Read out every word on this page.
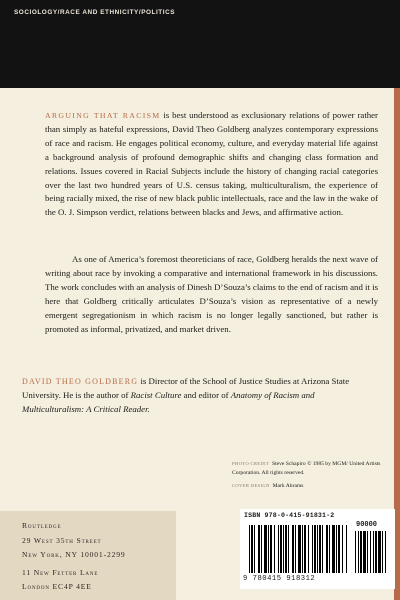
SOCIOLOGY/RACE AND ETHNICITY/POLITICS

ARGUING THAT RACISM is best understood as exclusionary relations of power rather than simply as hateful expressions, David Theo Goldberg analyzes contemporary expressions of race and racism. He engages political economy, culture, and everyday material life against a background analysis of profound demographic shifts and changing class formation and relations. Issues covered in Racial Subjects include the history of changing racial categories over the last two hundred years of U.S. census taking, multiculturalism, the experience of being racially mixed, the rise of new black public intellectuals, race and the law in the wake of the O. J. Simpson verdict, relations between blacks and Jews, and affirmative action.

As one of America’s foremost theoreticians of race, Goldberg heralds the next wave of writing about race by invoking a comparative and international framework in his discussions. The work concludes with an analysis of Dinesh D’Souza’s claims to the end of racism and it is here that Goldberg critically articulates D’Souza’s vision as representative of a newly emergent segregationism in which racism is no longer legally sanctioned, but rather is promoted as informal, privatized, and market driven.

DAVID THEO GOLDBERG is Director of the School of Justice Studies at Arizona State University. He is the author of Racist Culture and editor of Anatomy of Racism and Multiculturalism: A Critical Reader.

PHOTO CREDIT Steve Schapiro © 1985 by MGM/ United Artists Corporation. All rights reserved.

COVER DESIGN Mark Abrams

Routledge
29 West 35th Street
New York, NY 10001-2299
11 New Fetter Lane
London EC4P 4EE
ISBN 978-0-415-91831-2
90000
9 780415 918312
